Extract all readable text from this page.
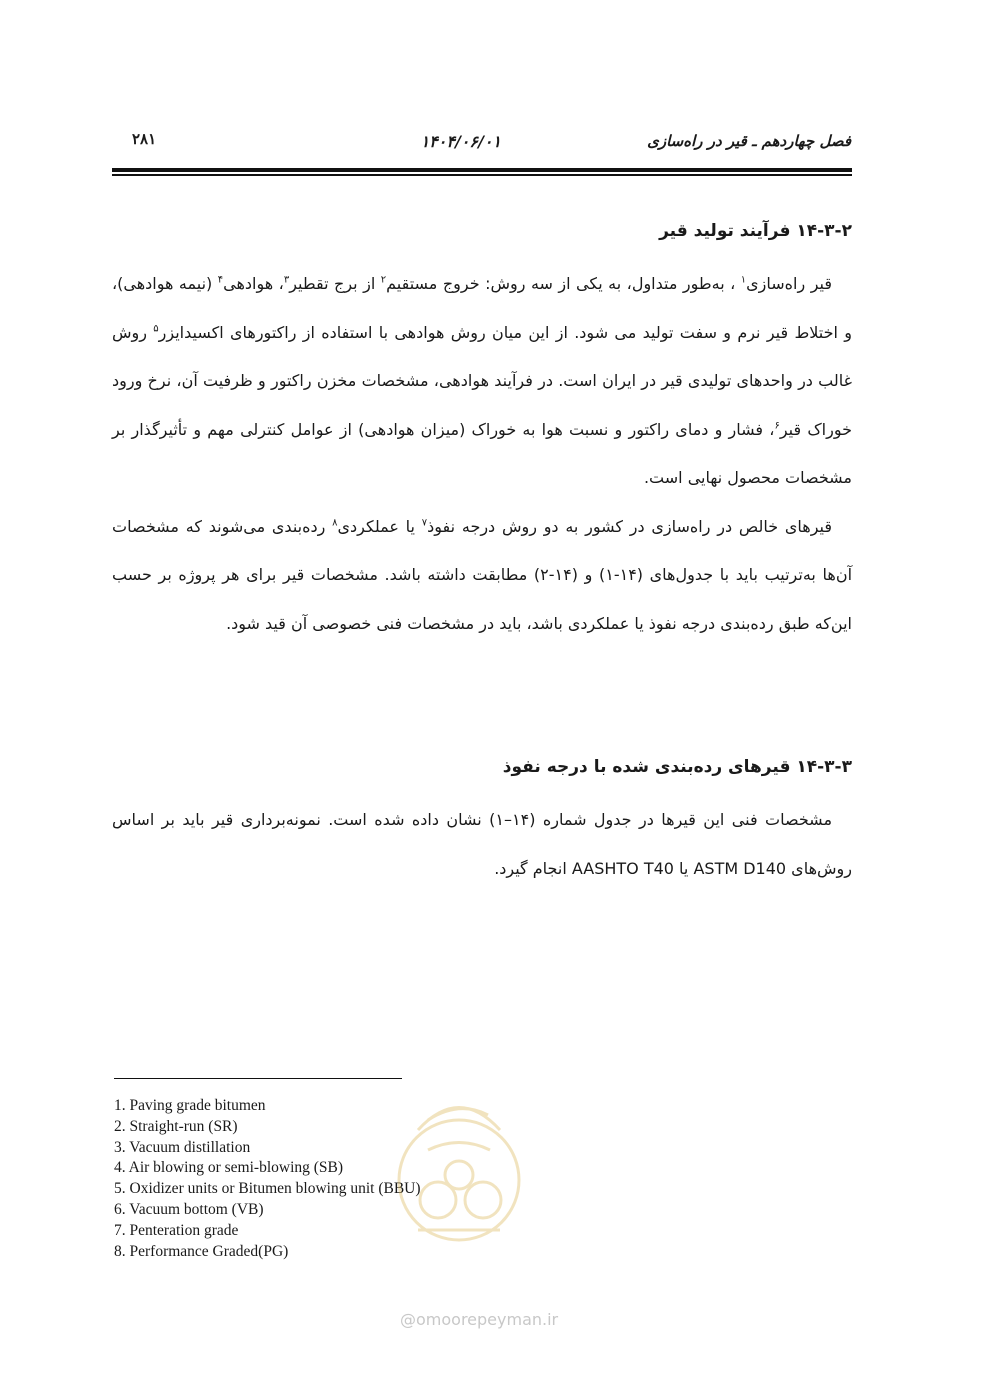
فصل چهاردهم ـ قیر در راه‌سازی
۱۴۰۴/۰۶/۰۱
۲۸۱
۱۴-۳-۲ فرآیند تولید قیر

قیر راه‌سازی$^۱$ ، به‌طور متداول، به یکی از سه روش: خروج مستقیم$^۲$ از برج تقطیر$^۳$، هوادهی$^۴$ (نیمه هوادهی)، و اختلاط قیر نرم و سفت تولید می شود. از این میان روش هوادهی با استفاده از راکتورهای اکسیدایزر$^۵$ روش غالب در واحدهای تولیدی قیر در ایران است. در فرآیند هوادهی، مشخصات مخزن راکتور و ظرفیت آن، نرخ ورود خوراک قیر$^۶$، فشار و دمای راکتور و نسبت هوا به خوراک (میزان هوادهی) از عوامل کنترلی مهم و تأثیرگذار بر مشخصات محصول نهایی است.

قیرهای خالص در راه‌سازی در کشور به دو روش درجه نفوذ$^۷$ یا عملکردی$^۸$ رده‌بندی می‌شوند که مشخصات آن‌ها به‌ترتیب باید با جدول‌های (۱۴-۱) و (۱۴-۲) مطابقت داشته باشد. مشخصات قیر برای هر پروژه بر حسب این‌که طبق رده‌بندی درجه نفوذ یا عملکردی باشد، باید در مشخصات فنی خصوصی آن قید شود.

۱۴-۳-۳ قیرهای رده‌بندی شده با درجه نفوذ

مشخصات فنی این قیرها در جدول شماره (۱۴–۱) نشان داده شده است. نمونه‌برداری قیر باید بر اساس روش‌های ASTM D140 یا AASHTO T40 انجام گیرد.

1. Paving grade bitumen
2. Straight-run (SR)
3. Vacuum distillation
4. Air blowing or semi-blowing (SB)
5. Oxidizer units or Bitumen blowing unit (BBU)
6. Vacuum bottom (VB)
7. Penteration grade
8. Performance Graded(PG)
@omoorepeyman.ir
